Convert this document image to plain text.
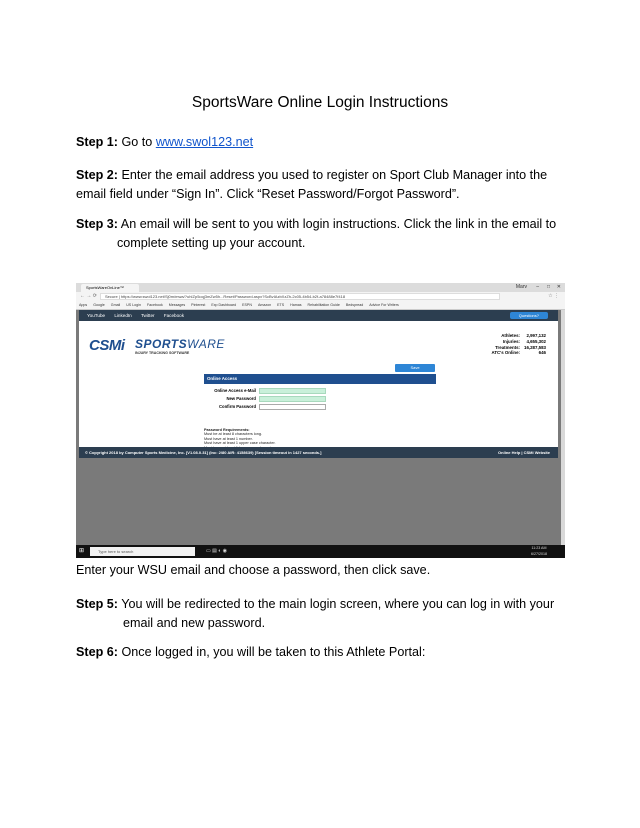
SportsWare Online Login Instructions
Step 1: Go to www.swol123.net
Step 2: Enter the email address you used to register on Sport Club Manager into the email field under “Sign In”. Click “Reset Password/Forgot Password”.
Step 3: An email will be sent to you with login instructions. Click the link in the email to
complete setting up your account.
SportsWareOnLine™	Marv – □ ✕
← → ⟳	Secure | https://www.swol123.net/Sj0m/mwa/?uhIZp5oqj3mZw5h...Reset/Password.aspx?ScBvIAzbXzZh-2c05-4b54-b2f-a78488e7f418	☆ ⋮
Apps Google Gmail US Login Facebook Messages Pinterest Exp Dashboard ESPN Amazon ETS Hamas Rehabilitation Guide Bedspread Advice For Writers
YouTube LinkedIn Twitter Facebook	Questions?
CSMi SPORTSWARE
INJURY TRACKING SOFTWARE
Athletes: 2,997,132
Injuries: 4,655,302
Treatments: 16,287,583
ATC's Online:	646
Save
Online Access
Online Access e-Mail
New Password
Confirm Password
Password Requirements:
Must be at least 8 characters long.
Must have at least 1 number.
Must have at least 1 upper case character.
© Copyright 2018 by Computer Sports Medicine, Inc. [V1.08.0.31] (Inc: 2/80 AIR: 4158639) [Session timeout in 1427 seconds.]	Online Help | CSMi Website
⊞	Type here to search	▭ ▤ ◐ ◉	11:23 AM
6/27/2018
Enter your WSU email and choose a password, then click save.
Step 5: You will be redirected to the main login screen, where you can log in with your
email and new password.
Step 6: Once logged in, you will be taken to this Athlete Portal:
